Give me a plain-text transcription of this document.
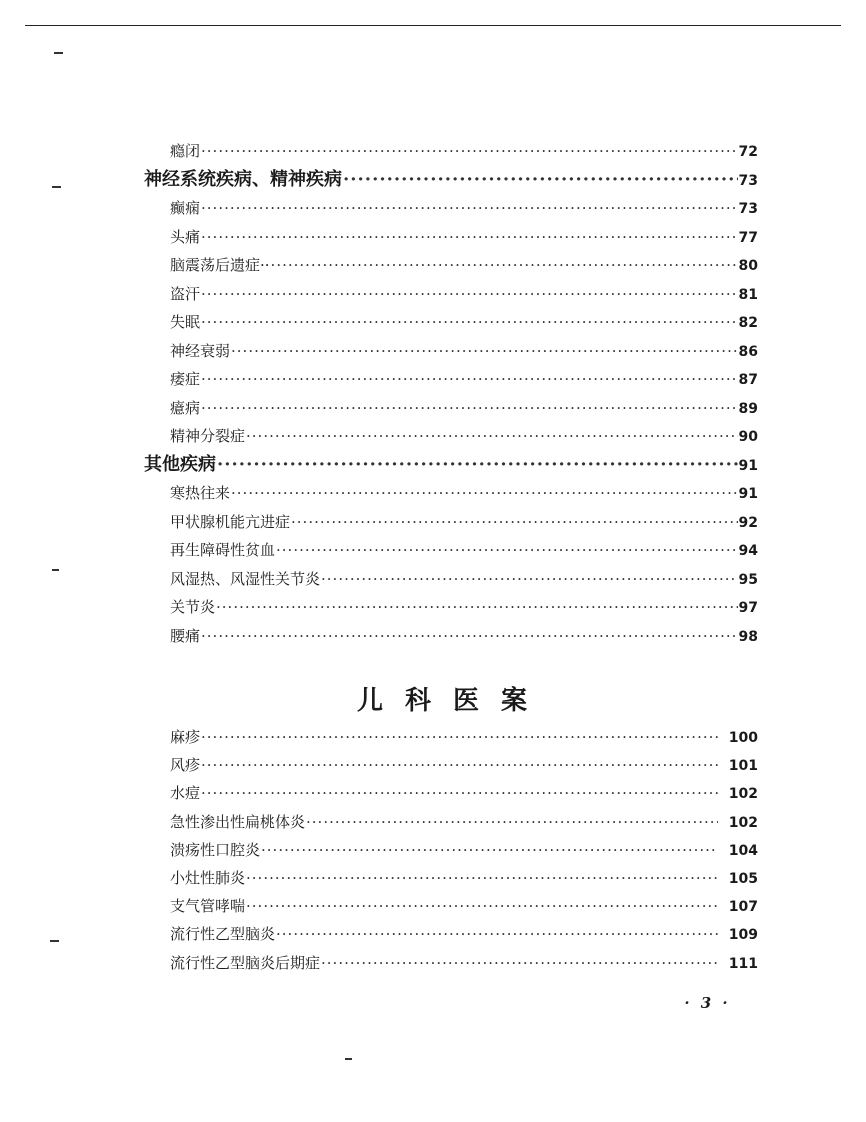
瘾闭 ·····	72
神经系统疾病、精神疾病 ·····	73
癫痫 ·····	73
头痛 ·····	77
脑震荡后遗症·· ·····	80
盗汗 ·····	81
失眠 ·····	82
神经衰弱 ·····	86
痿症 ·····	87
癔病 ·····	89
精神分裂症 ·····	90
其他疾病 ·····	91
寒热往来 ·····	91
甲状腺机能亢进症 ·····	92
再生障碍性贫血 ·····	94
风湿热、风湿性关节炎 ·····	95
关节炎 ·····	97
腰痛 ·····	98
麻疹 ·····	100
风疹 ·····	101
水痘 ·····	102
急性渗出性扁桃体炎 ·····	102
溃疡性口腔炎 ·····	104
小灶性肺炎 ·····	105
支气管哮喘 ·····	107
流行性乙型脑炎 ·····	109
流行性乙型脑炎后期症 ·····	111
儿科医案
· 3 ·
